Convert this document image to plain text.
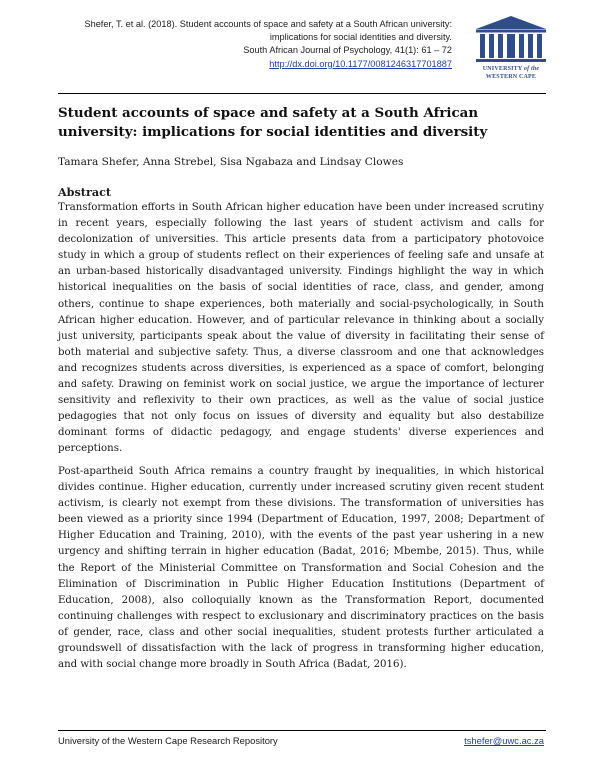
Shefer, T. et al. (2018). Student accounts of space and safety at a South African university:
implications for social identities and diversity.
South African Journal of Psychology, 41(1): 61 – 72
http://dx.doi.org/10.1177/0081246317701887
UNIVERSITY of the
WESTERN CAPE
Student accounts of space and safety at a South African university: implications for social identities and diversity
Tamara Shefer, Anna Strebel, Sisa Ngabaza and Lindsay Clowes
Abstract

Transformation efforts in South African higher education have been under increased scrutiny in recent years, especially following the last years of student activism and calls for decolonization of universities. This article presents data from a participatory photovoice study in which a group of students reflect on their experiences of feeling safe and unsafe at an urban-based historically disadvantaged university. Findings highlight the way in which historical inequalities on the basis of social identities of race, class, and gender, among others, continue to shape experiences, both materially and social-psychologically, in South African higher education. However, and of particular relevance in thinking about a socially just university, participants speak about the value of diversity in facilitating their sense of both material and subjective safety. Thus, a diverse classroom and one that acknowledges and recognizes students across diversities, is experienced as a space of comfort, belonging and safety. Drawing on feminist work on social justice, we argue the importance of lecturer sensitivity and reflexivity to their own practices, as well as the value of social justice pedagogies that not only focus on issues of diversity and equality but also destabilize dominant forms of didactic pedagogy, and engage students' diverse experiences and perceptions.

Post-apartheid South Africa remains a country fraught by inequalities, in which historical divides continue. Higher education, currently under increased scrutiny given recent student activism, is clearly not exempt from these divisions. The transformation of universities has been viewed as a priority since 1994 (Department of Education, 1997, 2008; Department of Higher Education and Training, 2010), with the events of the past year ushering in a new urgency and shifting terrain in higher education (Badat, 2016; Mbembe, 2015). Thus, while the Report of the Ministerial Committee on Transformation and Social Cohesion and the Elimination of Discrimination in Public Higher Education Institutions (Department of Education, 2008), also colloquially known as the Transformation Report, documented continuing challenges with respect to exclusionary and discriminatory practices on the basis of gender, race, class and other social inequalities, student protests further articulated a groundswell of dissatisfaction with the lack of progress in transforming higher education, and with social change more broadly in South Africa (Badat, 2016).

University of the Western Cape Research Repository	tshefer@uwc.ac.za
